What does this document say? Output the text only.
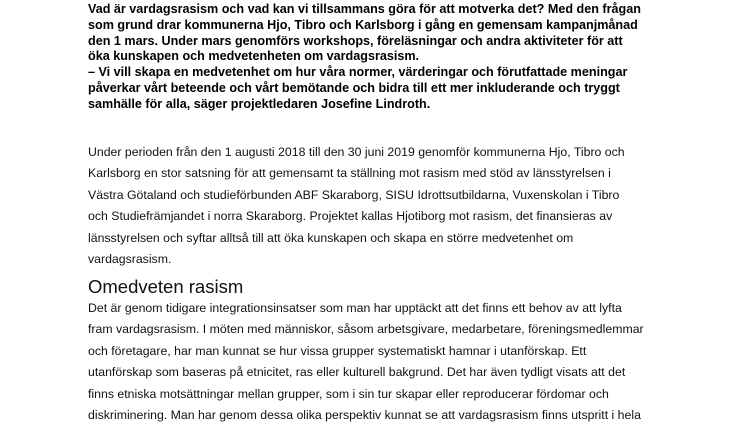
Vad är vardagsrasism och vad kan vi tillsammans göra för att motverka det? Med den frågan
som grund drar kommunerna Hjo, Tibro och Karlsborg i gång en gemensam kampanjmånad
den 1 mars. Under mars genomförs workshops, föreläsningar och andra aktiviteter för att
öka kunskapen och medvetenheten om vardagsrasism.
– Vi vill skapa en medvetenhet om hur våra normer, värderingar och förutfattade meningar
påverkar vårt beteende och vårt bemötande och bidra till ett mer inkluderande och tryggt
samhälle för alla, säger projektledaren Josefine Lindroth.
Under perioden från den 1 augusti 2018 till den 30 juni 2019 genomför kommunerna Hjo, Tibro och
Karlsborg en stor satsning för att gemensamt ta ställning mot rasism med stöd av länsstyrelsen i
Västra Götaland och studieförbunden ABF Skaraborg, SISU Idrottsutbildarna, Vuxenskolan i Tibro
och Studiefrämjandet i norra Skaraborg. Projektet kallas Hjotiborg mot rasism, det finansieras av
länsstyrelsen och syftar alltså till att öka kunskapen och skapa en större medvetenhet om
vardagsrasism.
Omedveten rasism
Det är genom tidigare integrationsinsatser som man har upptäckt att det finns ett behov av att lyfta
fram vardagsrasism. I möten med människor, såsom arbetsgivare, medarbetare, föreningsmedlemmar
och företagare, har man kunnat se hur vissa grupper systematiskt hamnar i utanförskap. Ett
utanförskap som baseras på etnicitet, ras eller kulturell bakgrund. Det har även tydligt visats att det
finns etniska motsättningar mellan grupper, som i sin tur skapar eller reproducerar fördomar och
diskriminering. Man har genom dessa olika perspektiv kunnat se att vardagsrasism finns utspritt i hela
